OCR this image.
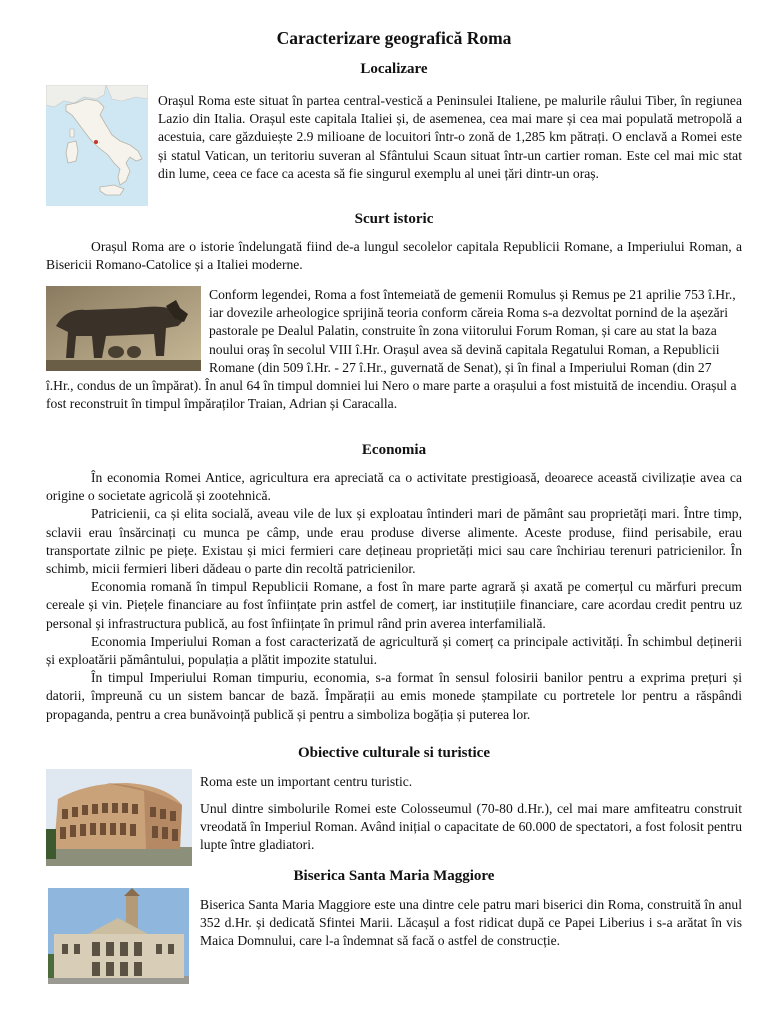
Caracterizare geografică Roma
Localizare
·

Orașul Roma este situat în partea central-vestică a Peninsulei Italiene, pe malurile râului Tiber, în regiunea Lazio din Italia. Orașul este capitala Italiei și, de asemenea, cea mai mare și cea mai populată metropolă a acestuia, care găzduiește 2.9 milioane de locuitori într-o zonă de 1,285 km pătrați. O enclavă a Romei este și statul Vatican, un teritoriu suveran al Sfântului Scaun situat într-un cartier roman. Este cel mai mic stat din lume, ceea ce face ca acesta să fie singurul exemplu al unei țări dintr-un oraș.

Scurt istoric

Orașul Roma are o istorie îndelungată fiind de-a lungul secolelor capitala Republicii Romane, a Imperiului Roman, a Bisericii Romano-Catolice și a Italiei moderne.

Conform legendei, Roma a fost întemeiată de gemenii Romulus și Remus pe 21 aprilie 753 î.Hr., iar dovezile arheologice sprijină teoria conform căreia Roma s-a dezvoltat pornind de la așezări pastorale pe Dealul Palatin, construite în zona viitorului Forum Roman, și care au stat la baza noului oraș în secolul VIII î.Hr. Orașul avea să devină capitala Regatului Roman, a Republicii Romane (din 509 î.Hr. - 27 î.Hr., guvernată de Senat), și în final a Imperiului Roman (din 27 î.Hr., condus de un împărat). În anul 64 în timpul domniei lui Nero o mare parte a orașului a fost mistuită de incendiu. Orașul a fost reconstruit în timpul împăraților Traian, Adrian și Caracalla.
Economia

În economia Romei Antice, agricultura era apreciată ca o activitate prestigioasă, deoarece această civilizație avea ca origine o societate agricolă și zootehnică.

Patricienii, ca și elita socială, aveau vile de lux și exploatau întinderi mari de pământ sau proprietăți mari. Între timp, sclavii erau însărcinați cu munca pe câmp, unde erau produse diverse alimente. Aceste produse, fiind perisabile, erau transportate zilnic pe piețe. Existau și mici fermieri care dețineau proprietăți mici sau care închiriau terenuri patricienilor. În schimb, micii fermieri liberi dădeau o parte din recoltă patricienilor.

Economia romană în timpul Republicii Romane, a fost în mare parte agrară și axată pe comerțul cu mărfuri precum cereale și vin. Piețele financiare au fost înființate prin astfel de comerț, iar instituțiile financiare, care acordau credit pentru uz personal și infrastructura publică, au fost înființate în primul rând prin averea interfamilială.

Economia Imperiului Roman a fost caracterizată de agricultură și comerț ca principale activități. În schimbul deținerii și exploatării pământului, populația a plătit impozite statului.

În timpul Imperiului Roman timpuriu, economia, s-a format în sensul folosirii banilor pentru a exprima prețuri și datorii, împreună cu un sistem bancar de bază. Împărații au emis monede ștampilate cu portretele lor pentru a răspândi propaganda, pentru a crea bunăvoință publică și pentru a simboliza bogăția și puterea lor.

Obiective culturale si turistice

Roma este un important centru turistic.

Unul dintre simbolurile Romei este Colosseumul (70-80 d.Hr.), cel mai mare amfiteatru construit vreodată în Imperiul Roman. Având inițial o capacitate de 60.000 de spectatori, a fost folosit pentru lupte între gladiatori.

Biserica Santa Maria Maggiore

Biserica Santa Maria Maggiore este una dintre cele patru mari biserici din Roma, construită în anul 352 d.Hr. și dedicată Sfintei Marii. Lăcașul a fost ridicat după ce Papei Liberius i s-a arătat în vis Maica Domnului, care l-a îndemnat să facă o astfel de construcție.
